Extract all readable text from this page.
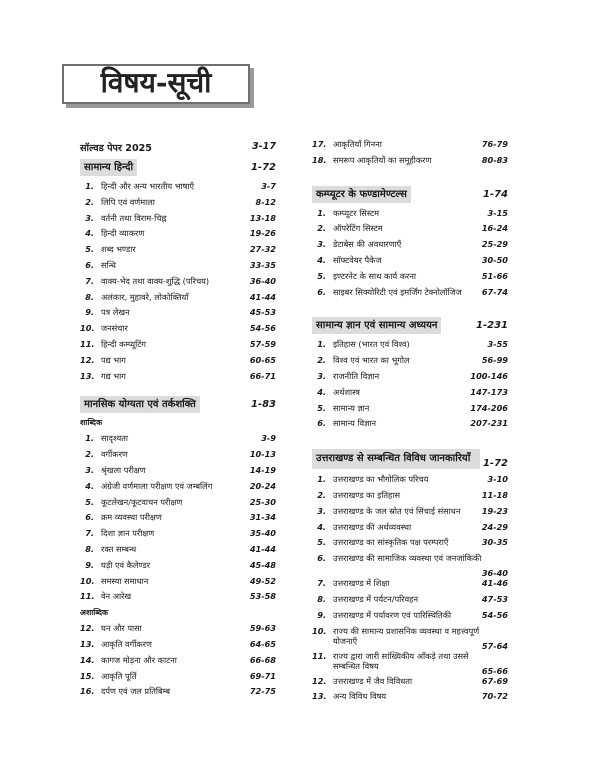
विषय-सूची
सॉल्वड पेपर 2025	3-17
सामान्य हिन्दी	1-72
1. हिन्दी और अन्य भारतीय भाषाएँ	3-7
2. लिपि एवं वर्णमाला	8-12
3. वर्तनी तथा विराम-चिह्न	13-18
4. हिन्दी व्याकरण	19-26
5. शब्द भण्डार	27-32
6. सन्धि	33-35
7. वाक्य-भेद तथा वाक्य-शुद्धि (परिचय)	36-40
8. अलंकार, मुहावरे, लोकोक्तियाँ	41-44
9. पत्र लेखन	45-53
10. जनसंचार	54-56
11. हिन्दी कम्प्यूटिंग	57-59
12. पद्य भाग	60-65
13. गद्य भाग	66-71
मानसिक योग्यता एवं तर्कशक्ति	1-83
शाब्दिक
1. सादृश्यता	3-9
2. वर्गीकरण	10-13
3. श्रृंखला परीक्षण	14-19
4. अंग्रेजी वर्णमाला परीक्षण एवं जम्बलिंग	20-24
5. कूटलेखन/कूटवाचन परीक्षण	25-30
6. क्रम व्यवस्था परीक्षण	31-34
7. दिशा ज्ञान परीक्षण	35-40
8. रक्त सम्बन्ध	41-44
9. घड़ी एवं कैलेण्डर	45-48
10. समस्या समाधान	49-52
11. वेन आरेख	53-58
अशाब्दिक
12. घन और पासा	59-63
13. आकृति वर्गीकरण	64-65
14. कागज मोड़ना और काटना	66-68
15. आकृति पूर्ति	69-71
16. दर्पण एवं जल प्रतिबिम्ब	72-75
17. आकृतियाँ गिनना	76-79
18. समरूप आकृतियों का समूहीकरण	80-83
कम्प्यूटर के फण्डामेण्टल्स	1-74
1. कम्प्यूटर सिस्टम	3-15
2. ऑपरेटिंग सिस्टम	16-24
3. डेटाबेस की अवधारणाएँ	25-29
4. सॉफ्टवेयर पैकेज	30-50
5. इण्टरनेट के साथ कार्य करना	51-66
6. साइबर सिक्योरिटी एवं इमर्जिंग टेक्नोलॉजिज	67-74
सामान्य ज्ञान एवं सामान्य अध्ययन	1-231
1. इतिहास (भारत एवं विश्व)	3-55
2. विश्व एवं भारत का भूगोल	56-99
3. राजनीति विज्ञान	100-146
4. अर्थशास्त्र	147-173
5. सामान्य ज्ञान	174-206
6. सामान्य विज्ञान	207-231
उत्तराखण्ड से सम्बन्धित विविध जानकारियाँ	1-72
1. उत्तराखण्ड का भौगोलिक परिचय	3-10
2. उत्तराखण्ड का इतिहास	11-18
3. उत्तराखण्ड के जल स्रोत एवं सिंचाई संसाधन	19-23
4. उत्तराखण्ड की अर्थव्यवस्था	24-29
5. उत्तराखण्ड का सांस्कृतिक पक्ष परम्पराएँ	30-35
6. उत्तराखण्ड की सामाजिक व्यवस्था एवं जनजांकिकी
36-40
7. उत्तराखण्ड में शिक्षा	41-46
8. उत्तराखण्ड में पर्यटन/परिवहन	47-53
9. उत्तराखण्ड में पर्यावरण एवं पारिस्थितिकी	54-56
10. राज्य की सामान्य प्रशासनिक व्यवस्था व महत्त्वपूर्ण योजनाएँ	57-64
11. राज्य द्वारा जारी सांख्यिकीय आँकड़े तथा उससे सम्बन्धित विषय	65-66
12. उत्तराखण्ड में जैव विविधता	67-69
13. अन्य विविध विषय	70-72
